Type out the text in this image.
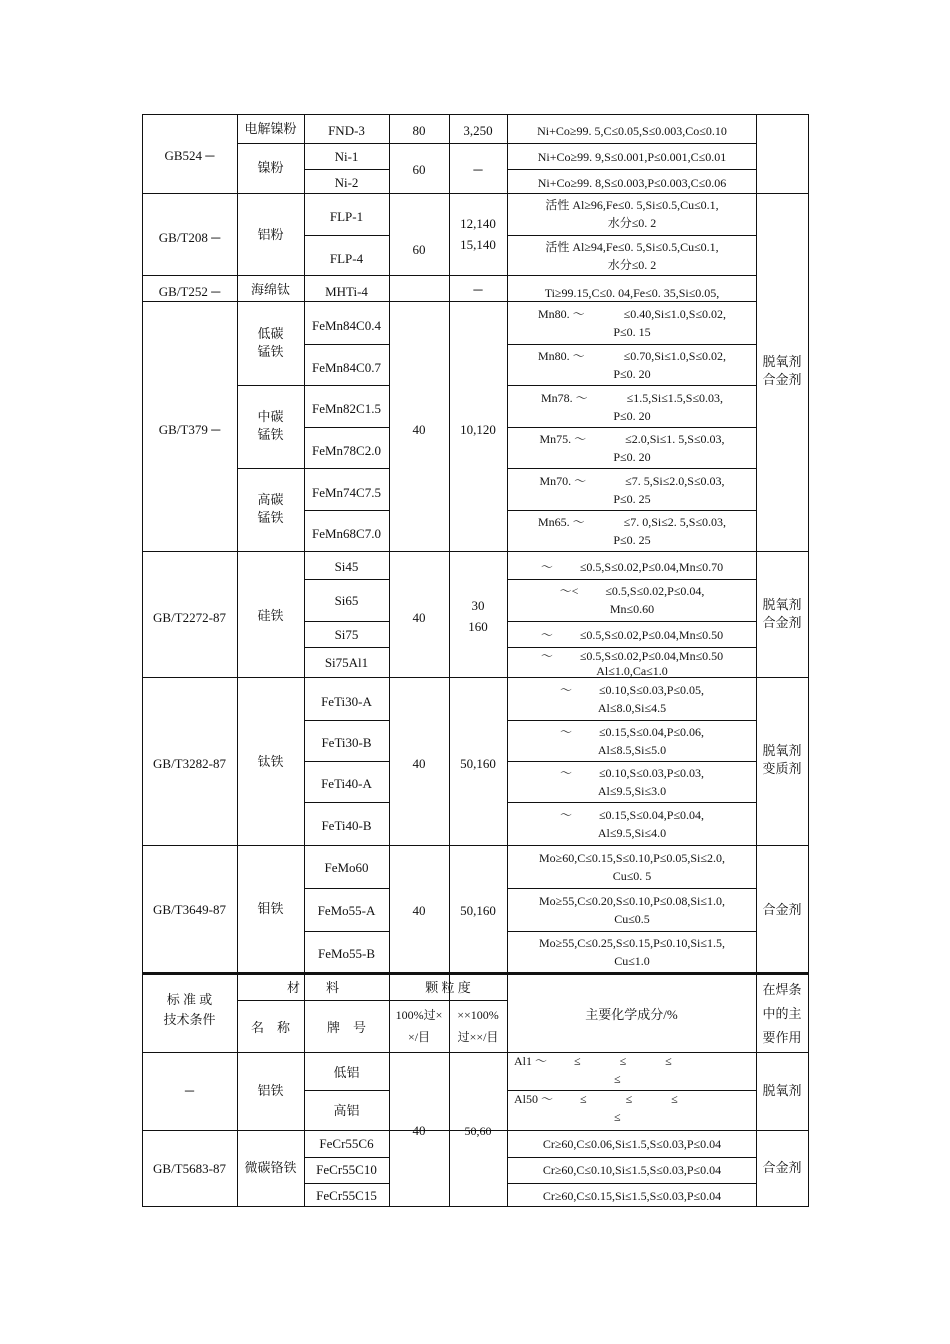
GB524 ─
GB/T208 ─
GB/T252 ─
GB/T379 ─
GB/T2272-87
GB/T3282-87
GB/T3649-87
─
GB/T5683-87
电解镍粉
镍粉
铝粉
海绵钛
低碳
锰铁
中碳
锰铁
高碳
锰铁
硅铁
钛铁
钼铁
铝铁
微碳铬铁
FND-3
Ni-1
Ni-2
FLP-1
FLP-4
MHTi-4
FeMn84C0.4
FeMn84C0.7
FeMn82C1.5
FeMn78C2.0
FeMn74C7.5
FeMn68C7.0
Si45
Si65
Si75
Si75Al1
FeTi30-A
FeTi30-B
FeTi40-A
FeTi40-B
FeMo60
FeMo55-A
FeMo55-B
低铝
高铝
FeCr55C6
FeCr55C10
FeCr55C15
80
60
60
40
40
40
40
40
3,250
─
12,140
15,140
─
10,120
30
160
50,160
50,160
50,60
Ni+Co≥99. 5,C≤0.05,S≤0.003,Co≤0.10
Ni+Co≥99. 9,S≤0.001,P≤0.001,C≤0.01
Ni+Co≥99. 8,S≤0.003,P≤0.003,C≤0.06
活性 Al≥96,Fe≤0. 5,Si≤0.5,Cu≤0.1,
水分≤0. 2
活性 Al≥94,Fe≤0. 5,Si≤0.5,Cu≤0.1,
水分≤0. 2
Ti≥99.15,C≤0. 04,Fe≤0. 35,Si≤0.05,
Mn80. ～ 　　　≤0.40,Si≤1.0,S≤0.02,
P≤0. 15
Mn80. ～ 　　　≤0.70,Si≤1.0,S≤0.02,
P≤0. 20
Mn78. ～ 　　　≤1.5,Si≤1.5,S≤0.03,
P≤0. 20
Mn75. ～ 　　　≤2.0,Si≤1. 5,S≤0.03,
P≤0. 20
Mn70. ～ 　　　≤7. 5,Si≤2.0,S≤0.03,
P≤0. 25
Mn65. ～ 　　　≤7. 0,Si≤2. 5,S≤0.03,
P≤0. 25
～ 　　≤0.5,S≤0.02,P≤0.04,Mn≤0.70
～< 　　≤0.5,S≤0.02,P≤0.04,
Mn≤0.60
～ 　　≤0.5,S≤0.02,P≤0.04,Mn≤0.50
～ 　　≤0.5,S≤0.02,P≤0.04,Mn≤0.50
Al≤1.0,Ca≤1.0
～ 　　≤0.10,S≤0.03,P≤0.05,
Al≤8.0,Si≤4.5
～ 　　≤0.15,S≤0.04,P≤0.06,
Al≤8.5,Si≤5.0
～ 　　≤0.10,S≤0.03,P≤0.03,
Al≤9.5,Si≤3.0
～ 　　≤0.15,S≤0.04,P≤0.04,
Al≤9.5,Si≤4.0
Mo≥60,C≤0.15,S≤0.10,P≤0.05,Si≤2.0,
Cu≤0. 5
Mo≥55,C≤0.20,S≤0.10,P≤0.08,Si≤1.0,
Cu≤0.5
Mo≥55,C≤0.25,S≤0.15,P≤0.10,Si≤1.5,
Cu≤1.0
Al1 ～ 　　≤ 　　　≤ 　　　≤
≤
Al50 ～ 　　≤ 　　　≤ 　　　≤
≤
Cr≥60,C≤0.06,Si≤1.5,S≤0.03,P≤0.04
Cr≥60,C≤0.10,Si≤1.5,S≤0.03,P≤0.04
Cr≥60,C≤0.15,Si≤1.5,S≤0.03,P≤0.04
脱氧剂
合金剂
脱氧剂
合金剂
脱氧剂
变质剂
合金剂
脱氧剂
合金剂
标 准 或
技术条件
材　　料
名　称	牌　号
颗 粒 度
100%过×
×/目
××100%
过××/目
主要化学成分/%
在焊条
中的主
要作用
